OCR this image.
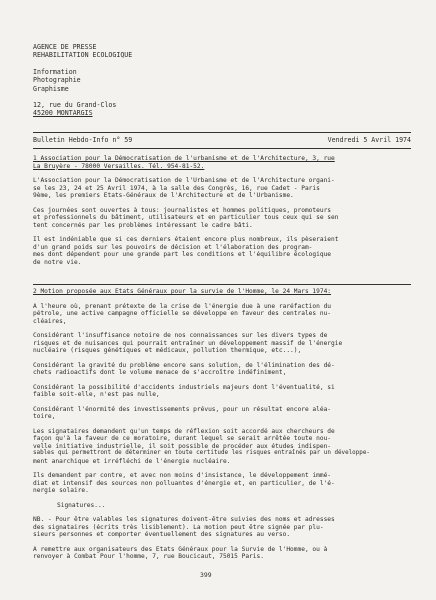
AGENCE DE PRESSE
REHABILITATION ECOLOGIQUE
Information
Photographie
Graphisme
12, rue du Grand-Clos
45200 MONTARGIS
Bulletin Hebdo-Info n° 59	Vendredi 5 Avril 1974
1 Association pour la Démocratisation de l'urbanisme et de l'Architecture, 3, rue
La Bruyère - 78000 Versailles. Tél. 954-81-52.
L'Association pour la Démocratisation de l'Urbanisme et de l'Architecture organi-
se les 23, 24 et 25 Avril 1974, à la salle des Congrès, 16, rue Cadet - Paris
9ème, les premiers Etats-Généraux de l'Architecture et de l'Urbanisme.
Ces journées sont ouvertes à tous: journalistes et hommes politiques, promoteurs
et professionnels du bâtiment, utilisateurs et en particulier tous ceux qui se sen
tent concernés par les problèmes intéressant le cadre bâti.
Il est indéniable que si ces derniers étaient encore plus nombreux, ils pèseraient
d'un grand poids sur les pouvoirs de décision et l'élaboration des program-
mes dont dépendent pour une grande part les conditions et l'équilibre écologique
de notre vie.
2 Motion proposée aux Etats Généraux pour la survie de l'Homme, le 24 Mars 1974:
A l'heure où, prenant prétexte de la crise de l'énergie due à une raréfaction du
pétrole, une active campagne officielle se développe en faveur des centrales nu-
cléaires,
Considérant l'insuffisance notoire de nos connaissances sur les divers types de
risques et de nuisances qui pourrait entraîner un développement massif de l'énergie
nucléaire (risques génétiques et médicaux, pollution thermique, etc...),
Considérant la gravité du problème encore sans solution, de l'élimination des dé-
chets radioactifs dont le volume menace de s'accroître indéfiniment,
Considérant la possibilité d'accidents industriels majeurs dont l'éventualité, si
faible soit-elle, n'est pas nulle,
Considérant l'énormité des investissements prévus, pour un résultat encore aléa-
toire,
Les signataires demandent qu'un temps de réflexion soit accordé aux chercheurs de
façon qu'à la faveur de ce moratoire, durant lequel se serait arrêtée toute nou-
velle initiative industrielle, il soit possible de procéder aux études indispen-
sables qui permettront de déterminer en toute certitude les risques entraînés par un développe-
ment anarchique et irréfléchi de l'énergie nucléaire.
Ils demandent par contre, et avec non moins d'insistance, le développement immé-
diat et intensif des sources non polluantes d'énergie et, en particulier, de l'é-
nergie solaire.
Signatures...
NB. - Pour être valables les signatures doivent-être suivies des noms et adresses
des signataires (écrits très lisiblement). La motion peut être signée par plu-
sieurs personnes et comporter éventuellement des signatures au verso.
A remettre aux organisateurs des Etats Généraux pour la Survie de l'Homme, ou à
renvoyer à Combat Pour l'homme, 7, rue Boucicaut, 75015 Paris.
399
